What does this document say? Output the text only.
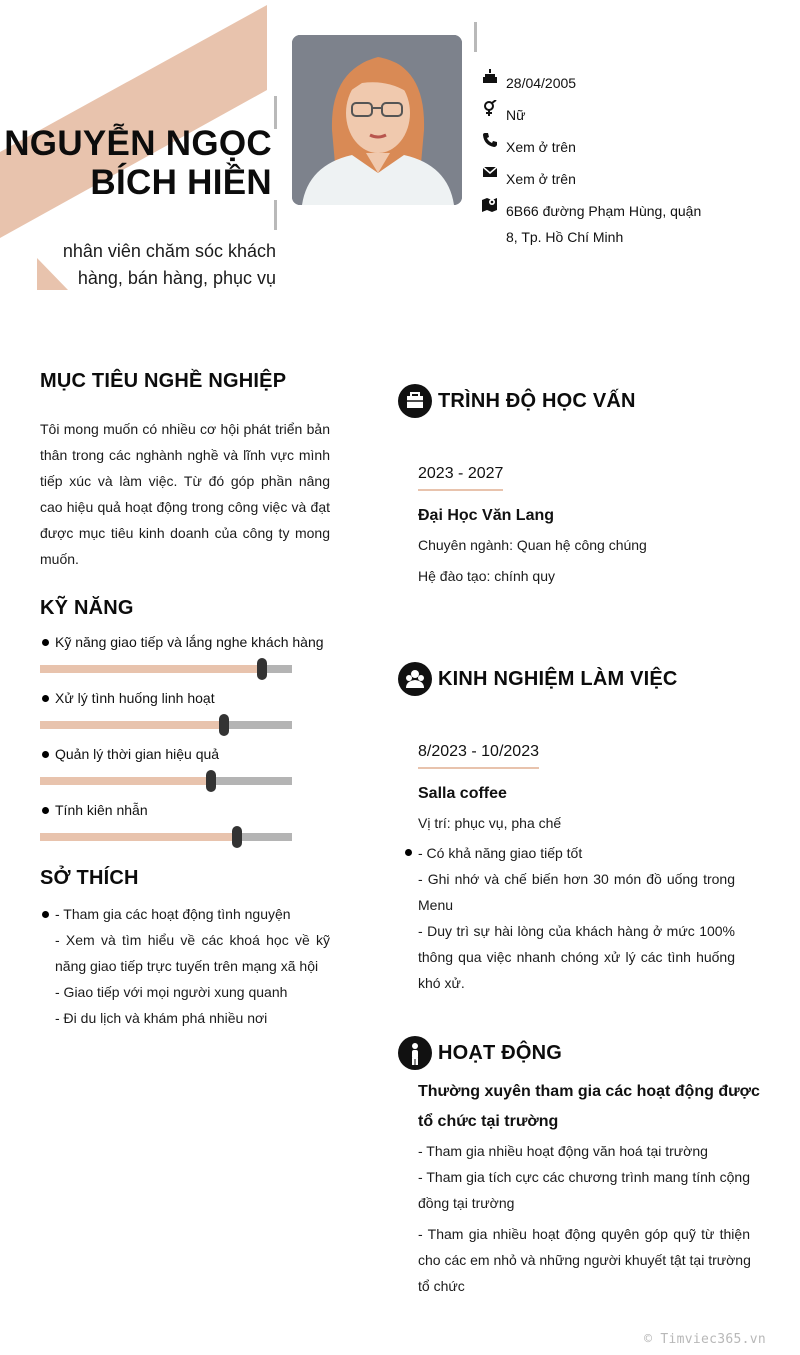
NGUYỄN NGỌC
BÍCH HIỀN
nhân viên chăm sóc khách
hàng, bán hàng, phục vụ
28/04/2005
Nữ
Xem ở trên
Xem ở trên
6B66 đường Phạm Hùng, quận
8, Tp. Hồ Chí Minh
MỤC TIÊU NGHỀ NGHIỆP
Tôi mong muốn có nhiều cơ hội phát triển bản thân trong các nghành nghề và lĩnh vực mình tiếp xúc và làm việc. Từ đó góp phần nâng cao hiệu quả hoạt động trong công việc và đạt được mục tiêu kinh doanh của công ty mong muốn.
KỸ NĂNG
Kỹ năng giao tiếp và lắng nghe khách hàng
Xử lý tình huống linh hoạt
Quản lý thời gian hiệu quả
Tính kiên nhẫn
SỞ THÍCH
- Tham gia các hoạt động tình nguyện
- Xem và tìm hiểu về các khoá học về kỹ
năng giao tiếp trực tuyến trên mạng xã hội
- Giao tiếp với mọi người xung quanh
- Đi du lịch và khám phá nhiều nơi
TRÌNH ĐỘ HỌC VẤN
2023 - 2027
Đại Học Văn Lang
Chuyên ngành: Quan hệ công chúng
Hệ đào tạo: chính quy
KINH NGHIỆM LÀM VIỆC
8/2023 - 10/2023
Salla coffee
Vị trí: phục vụ, pha chế
- Có khả năng giao tiếp tốt
- Ghi nhớ và chế biến hơn 30 món đồ uống trong
Menu
- Duy trì sự hài lòng của khách hàng ở mức 100%
thông qua việc nhanh chóng xử lý các tình huống
khó xử.
HOẠT ĐỘNG
Thường xuyên tham gia các hoạt động được
tổ chức tại trường
- Tham gia nhiều hoạt động văn hoá tại trường
- Tham gia tích cực các chương trình mang tính cộng
đồng tại trường
- Tham gia nhiều hoạt động quyên góp quỹ từ thiện
cho các em nhỏ và những người khuyết tật tại trường
tổ chức
© Timviec365.vn
